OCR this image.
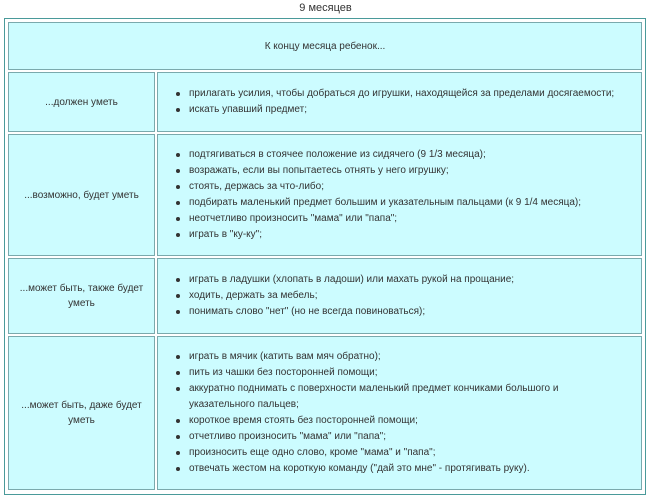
9 месяцев
К концу месяца ребенок...
...должен уметь
прилагать усилия, чтобы добраться до игрушки, находящейся за пределами досягаемости;
искать упавший предмет;
...возможно, будет уметь
подтягиваться в стоячее положение из сидячего (9 1/3 месяца);
возражать, если вы попытаетесь отнять у него игрушку;
стоять, держась за что-либо;
подбирать маленький предмет большим и указательным пальцами (к 9 1/4 месяца);
неотчетливо произносить "мама" или "папа";
играть в "ку-ку";
...может быть, также будет уметь
играть в ладушки (хлопать в ладоши) или махать рукой на прощание;
ходить, держать за мебель;
понимать слово "нет" (но не всегда повиноваться);
...может быть, даже будет уметь
играть в мячик (катить вам мяч обратно);
пить из чашки без посторонней помощи;
аккуратно поднимать с поверхности маленький предмет кончиками большого и указательного пальцев;
короткое время стоять без посторонней помощи;
отчетливо произносить "мама" или "папа";
произносить еще одно слово, кроме "мама" и "папа";
отвечать жестом на короткую команду ("дай это мне" - протягивать руку).
